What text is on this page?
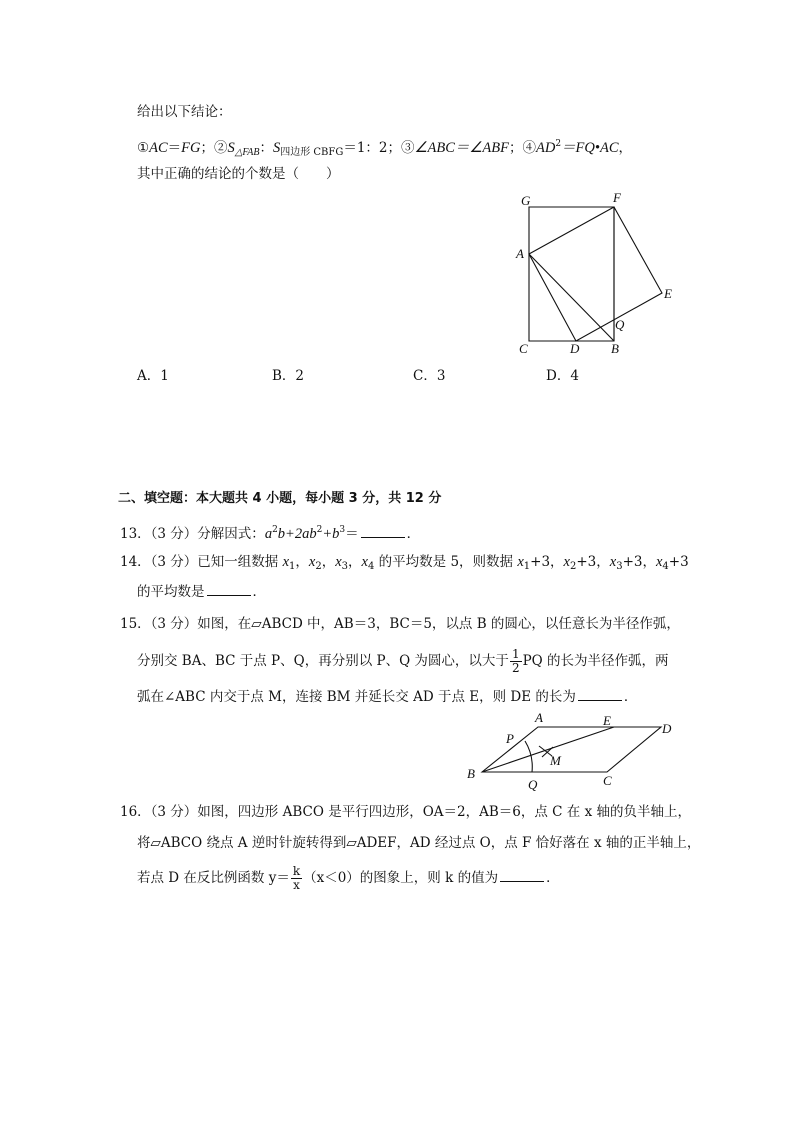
给出以下结论：
①AC＝FG；$②S_{\triangle FAB}$：$S_{四边形 CBFG}=1$：2；③∠ABC＝∠ABF；$④AD^2=FQ•AC$，
其中正确的结论的个数是（　　）
G	F
A
E
Q
C	D B
A．1	B．2	C．3	D．4
二、填空题：本大题共 4 小题，每小题 3 分，共 12 分
13．（3 分）分解因式：$a^2b+2ab^2+b^3=$	．
14．（3 分）已知一组数据 $x_1$，$x_2$，$x_3$，$x_4$ 的平均数是 5，则数据 $x_1+3$，$x_2+3$，$x_3+3$，$x_4+3$
的平均数是	．
15．（3 分）如图，在▱ABCD 中，AB＝3，BC＝5，以点 B 的圆心，以任意长为半径作弧，
分别交 BA、BC 于点 P、Q，再分别以 P、Q 为圆心，以大于 $\frac{1}{2}$ PQ 的长为半径作弧，两
弧在∠ABC 内交于点 M，连接 BM 并延长交 AD 于点 E，则 DE 的长为	．
A	E
D
P
M
B
Q	C
16．（3 分）如图，四边形 ABCO 是平行四边形，OA＝2，AB＝6，点 C 在 x 轴的负半轴上，
将▱ABCO 绕点 A 逆时针旋转得到▱ADEF，AD 经过点 O，点 F 恰好落在 x 轴的正半轴上，
若点 D 在反比例函数 $y= \frac{k}{x} (x<0)$的图象上，则 k 的值为	．
